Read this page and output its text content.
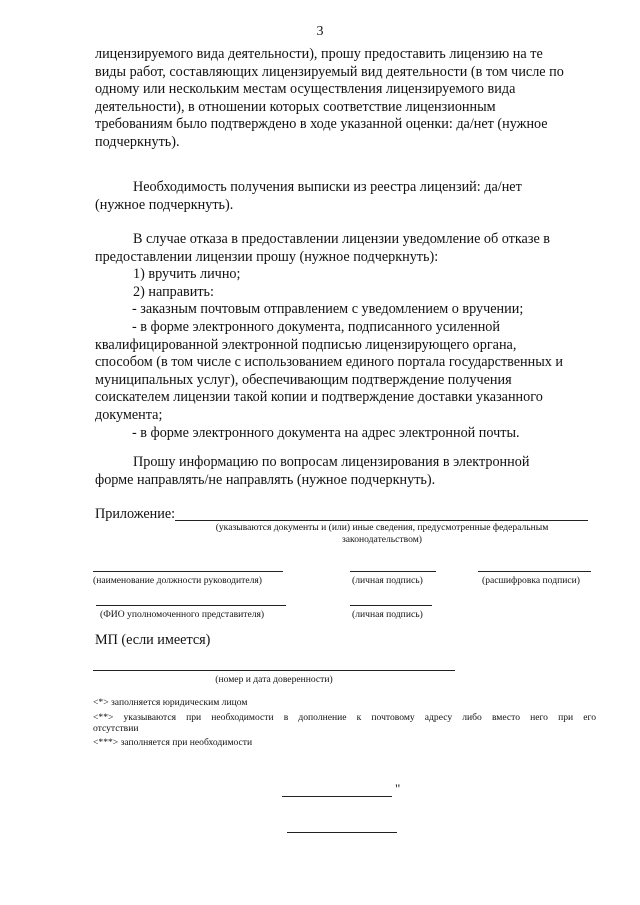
3

лицензируемого вида деятельности), прошу предоставить лицензию на те

виды работ, составляющих лицензируемый вид деятельности (в том числе по

одному или нескольким местам осуществления лицензируемого вида

деятельности), в отношении которых соответствие лицензионным

требованиям было подтверждено в ходе указанной оценки: да/нет (нужное

подчеркнуть).

Необходимость получения выписки из реестра лицензий: да/нет

(нужное подчеркнуть).

В случае отказа в предоставлении лицензии уведомление об отказе в

предоставлении лицензии прошу (нужное подчеркнуть):

1) вручить лично;

2) направить:

- заказным почтовым отправлением с уведомлением о вручении;

- в форме электронного документа, подписанного усиленной

квалифицированной электронной подписью лицензирующего органа,

способом (в том числе с использованием единого портала государственных и

муниципальных услуг), обеспечивающим подтверждение получения

соискателем лицензии такой копии и подтверждение доставки указанного

документа;

- в форме электронного документа на адрес электронной почты.

Прошу информацию по вопросам лицензирования в электронной

форме направлять/не направлять (нужное подчеркнуть).

Приложение:
(указываются документы и (или) иные сведения, предусмотренные федеральным
законодательством)
(наименование должности руководителя)	(личная подпись)	(расшифровка подписи)
(ФИО уполномоченного представителя)	(личная подпись)
МП (если имеется)
(номер и дата доверенности)
<*> заполняется юридическим лицом
<**> указываются при необходимости в дополнение к почтовому адресу либо вместо него при его
отсутствии
<***> заполняется при необходимости
"
